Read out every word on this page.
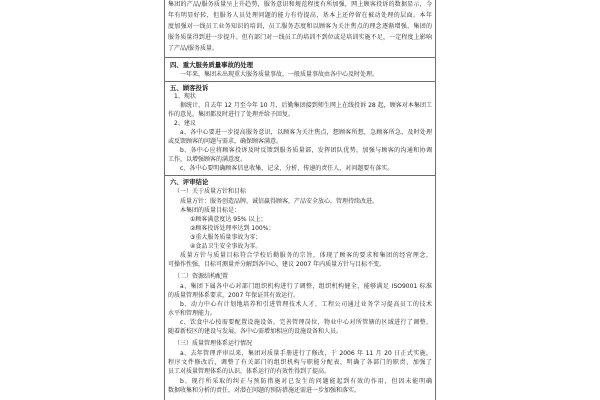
集团的产品/服务质量呈上升趋势，服务意识和规范程度有所加强，网上顾客投诉的数据显示，今
年有明显好转，但服务人员处理问题的能力有待提高，基本上还停留在被动处理的层面。本年
度加强对一线员工业务知识的培训，员工服务态度和以顾客为关注焦点的理念逐渐增强，集团的
服务质量得到进一步提升。但有部门对一线员工的培训不到位或是培训实施不足，一定程度上影响
了产品/服务质量。
四、重大服务质量事故的处理
一年来，集团未出现重大服务质量事故，一般质量事故由各中心及时处理。
五、顾客投诉
1、现状
据统计，自去年 12 月至今年 10 月，后勤集团接到师生网上在线投诉 28 起，顾客对本集团工
作的意见，集团都及时进行了处理并给予回复。
2、建议
a、各中心要进一步提高服务意识，以顾客为关注焦点，想顾客所想，急顾客所急，及时处理
或反馈顾客的问题与需求，确保顾客满意。
b、各中心应将顾客投诉及时反馈到服务质量部，发挥团队优势，加强与顾客的沟通和协调
工作，以增强顾客的满意度。
c、各中心要明确顾客信息收集、记录、分析、传递的责任人，对问题要有落实。
六、评审结论
（一）关于质量方针和目标
质量方针：服务创造品牌，诚信赢得顾客，产品安全放心，管理持续改进。
本集团的质量目标是：
①顾客满意度达 95% 以上；
②顾客投诉处理率达到 100%；
③重大服务质量事故为零；
④食品卫生安全事故为零。
质量方针与质量目标符合学校后勤服务的宗旨，体现了顾客的要求和集团的经营理念，
可操作性强，目标可测量并分解到各中心，建议 2007 年内质量方针与目标不变。
（二）资源结构配置
a、集团下属各中心对部门组织机构进行了调整，组织机构健全，能够满足 ISO9001 标准
的质量管理体系要求，2007 年保证其有效运行。
b、动力中心有计划地培养和引进管理技术人才，工程公司通过业务学习提高员工的技术
水平和管理能力。
c、饮食中心按需要配置设施设备，完善管理岗位，物业中心对所管辖的区域进行了调整，
随着新校区的建设与发展，各中心需增加相应的设施设备和人员。
（三）质量管理体系运行情况
a、去年管理评审以来，集团对质量手册进行了修改，于 2006 年 11 月 20 日正式实施，
程序文件修改后，调整了有关部门的组织机构与职能分配表，明确了各部门的职责，加强了
员工对质量管理体系的认识，体系运行的有效性得到了提高。
b、现行所采取的纠正与预防措施对已发生的问题能起到有效的作用，但因未能明确
数据收集和分析的责任，对潜在问题的预防措施还需进一步加强和落实。
